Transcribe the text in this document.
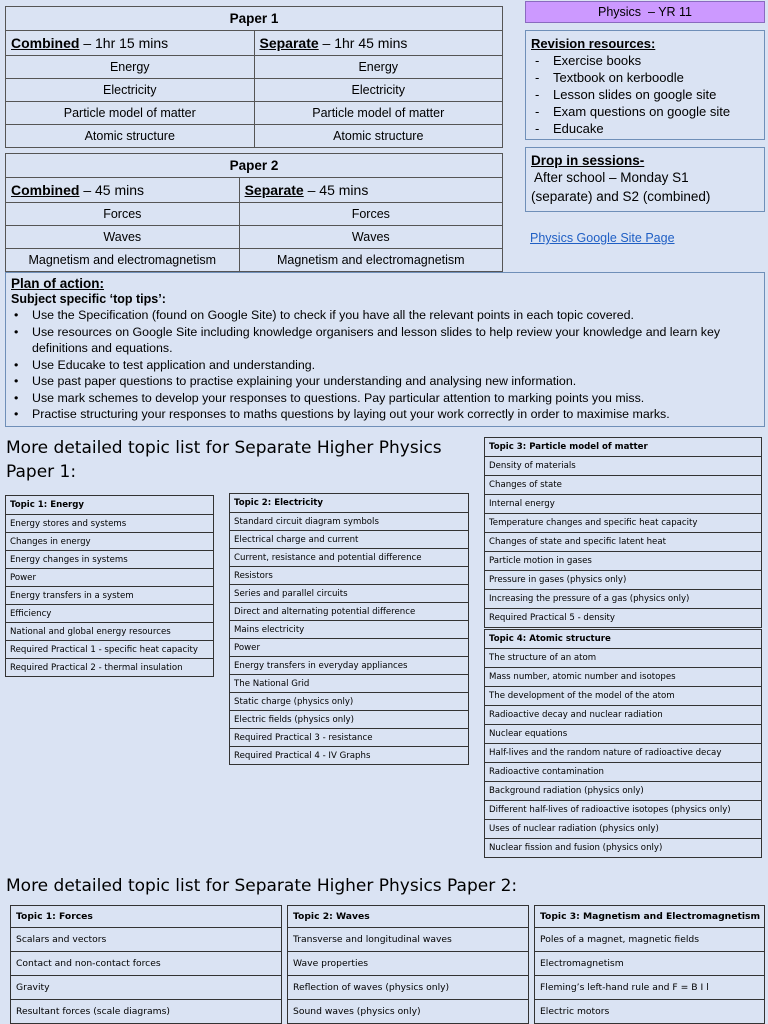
Paper 1	
Combined – 1hr 15 mins	Separate – 1hr 45 mins
Energy	Energy
Electricity	Electricity
Particle model of matter	Particle model of matter
Atomic structure	Atomic structure
Paper 2	
Combined – 45 mins	Separate – 45 mins
Forces	Forces
Waves	Waves
Magnetism and electromagnetism	Magnetism and electromagnetism
Physics  – YR 11
Revision resources:
- Exercise books
- Textbook on kerboodle
- Lesson slides on google site
- Exam questions on google site
- Educake
Drop in sessions-
After school – Monday S1
(separate) and S2 (combined)
Physics Google Site Page
Plan of action:
Subject specific ‘top tips’:
• Use the Specification (found on Google Site) to check if you have all the relevant points in each topic covered.
• Use resources on Google Site including knowledge organisers and lesson slides to help review your knowledge and learn key definitions and equations.
• Use Educake to test application and understanding.
• Use past paper questions to practise explaining your understanding and analysing new information.
• Use mark schemes to develop your responses to questions. Pay particular attention to marking points you miss.
• Practise structuring your responses to maths questions by laying out your work correctly in order to maximise marks.
More detailed topic list for Separate Higher Physics Paper 1:
Topic 1: Energy
Energy stores and systems
Changes in energy
Energy changes in systems
Power
Energy transfers in a system
Efficiency
National and global energy resources
Required Practical 1 - specific heat capacity
Required Practical 2 - thermal insulation
Topic 2: Electricity
Standard circuit diagram symbols
Electrical charge and current
Current, resistance and potential difference
Resistors
Series and parallel circuits
Direct and alternating potential difference
Mains electricity
Power
Energy transfers in everyday appliances
The National Grid
Static charge (physics only)
Electric fields (physics only)
Required Practical 3 - resistance
Required Practical 4 - IV Graphs
Topic 3: Particle model of matter
Density of materials
Changes of state
Internal energy
Temperature changes and specific heat capacity
Changes of state and specific latent heat
Particle motion in gases
Pressure in gases (physics only)
Increasing the pressure of a gas (physics only)
Required Practical 5 - density
Topic 4: Atomic structure
The structure of an atom
Mass number, atomic number and isotopes
The development of the model of the atom
Radioactive decay and nuclear radiation
Nuclear equations
Half-lives and the random nature of radioactive decay
Radioactive contamination
Background radiation (physics only)
Different half-lives of radioactive isotopes (physics only)
Uses of nuclear radiation (physics only)
Nuclear fission and fusion (physics only)
More detailed topic list for Separate Higher Physics Paper 2:
Topic 1: Forces
Scalars and vectors
Contact and non-contact forces
Gravity
Resultant forces (scale diagrams)
Topic 2: Waves
Transverse and longitudinal waves
Wave properties
Reflection of waves (physics only)
Sound waves (physics only)
Topic 3: Magnetism and Electromagnetism
Poles of a magnet, magnetic fields
Electromagnetism
Fleming’s left-hand rule and F = B I l
Electric motors
